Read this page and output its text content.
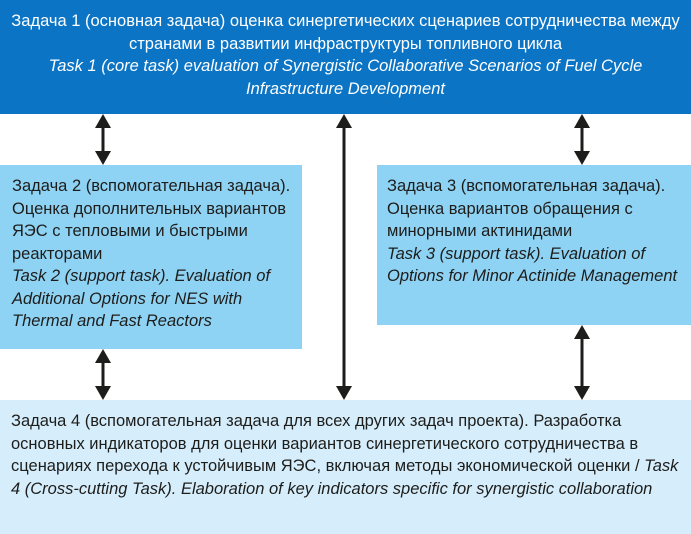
Задача 1 (основная задача) оценка синергетических сценариев сотрудничества между странами в развитии инфраструктуры топливного цикла
Task 1 (core task) evaluation of Synergistic Collaborative Scenarios of Fuel Cycle Infrastructure Development
Задача 2 (вспомогательная задача). Оценка дополнительных вариантов ЯЭС с тепловыми и быстрыми реакторами
Task 2 (support task). Evaluation of Additional Options for NES with Thermal and Fast Reactors
Задача 3 (вспомогательная задача). Оценка вариантов обращения с минорными актинидами
Task 3 (support task). Evaluation of Options for Minor Actinide Management
Задача 4 (вспомогательная задача для всех других задач проекта). Разработка основных индикаторов для оценки вариантов синергетического сотрудничества в сценариях перехода к устойчивым ЯЭС, включая методы экономической оценки / Task 4 (Cross-cutting Task). Elaboration of key indicators specific for synergistic collaboration
